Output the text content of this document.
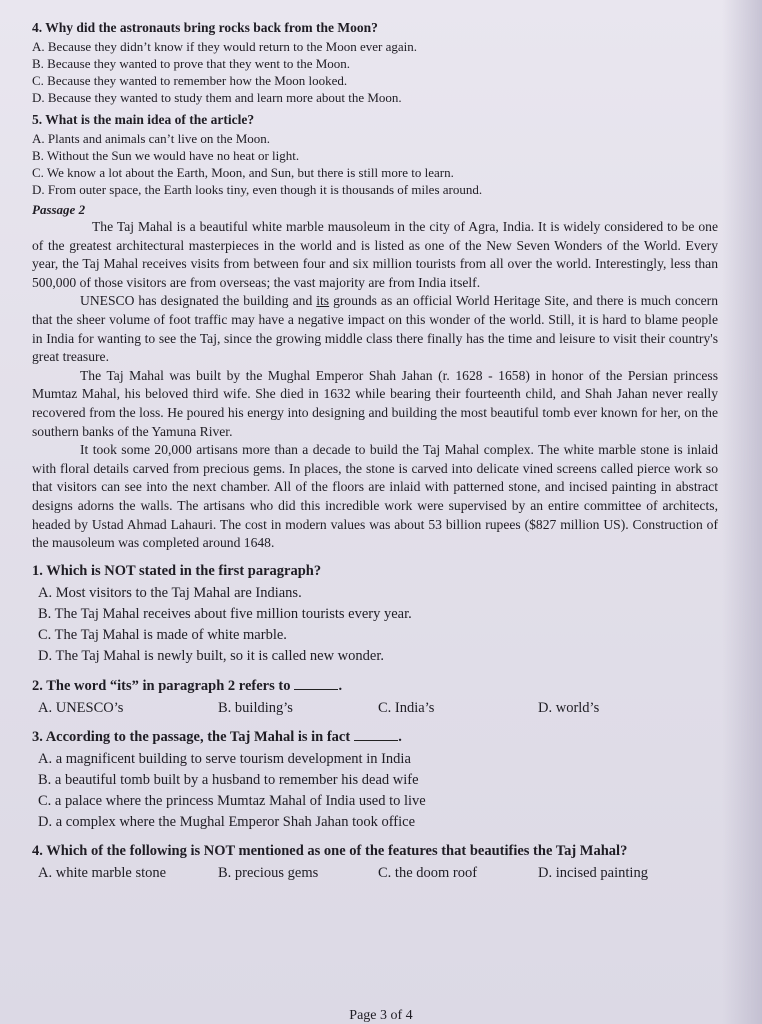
4. Why did the astronauts bring rocks back from the Moon?

A. Because they didn’t know if they would return to the Moon ever again.

B. Because they wanted to prove that they went to the Moon.

C. Because they wanted to remember how the Moon looked.

D. Because they wanted to study them and learn more about the Moon.

5. What is the main idea of the article?

A. Plants and animals can’t live on the Moon.

B. Without the Sun we would have no heat or light.

C. We know a lot about the Earth, Moon, and Sun, but there is still more to learn.

D. From outer space, the Earth looks tiny, even though it is thousands of miles around.

Passage 2

The Taj Mahal is a beautiful white marble mausoleum in the city of Agra, India. It is widely considered to be one of the greatest architectural masterpieces in the world and is listed as one of the New Seven Wonders of the World. Every year, the Taj Mahal receives visits from between four and six million tourists from all over the world. Interestingly, less than 500,000 of those visitors are from overseas; the vast majority are from India itself.

UNESCO has designated the building and its grounds as an official World Heritage Site, and there is much concern that the sheer volume of foot traffic may have a negative impact on this wonder of the world. Still, it is hard to blame people in India for wanting to see the Taj, since the growing middle class there finally has the time and leisure to visit their country's great treasure.

The Taj Mahal was built by the Mughal Emperor Shah Jahan (r. 1628 - 1658) in honor of the Persian princess Mumtaz Mahal, his beloved third wife. She died in 1632 while bearing their fourteenth child, and Shah Jahan never really recovered from the loss. He poured his energy into designing and building the most beautiful tomb ever known for her, on the southern banks of the Yamuna River.

It took some 20,000 artisans more than a decade to build the Taj Mahal complex. The white marble stone is inlaid with floral details carved from precious gems. In places, the stone is carved into delicate vined screens called pierce work so that visitors can see into the next chamber. All of the floors are inlaid with patterned stone, and incised painting in abstract designs adorns the walls. The artisans who did this incredible work were supervised by an entire committee of architects, headed by Ustad Ahmad Lahauri. The cost in modern values was about 53 billion rupees ($827 million US). Construction of the mausoleum was completed around 1648.

1. Which is NOT stated in the first paragraph?

A. Most visitors to the Taj Mahal are Indians.

B. The Taj Mahal receives about five million tourists every year.

C. The Taj Mahal is made of white marble.

D. The Taj Mahal is newly built, so it is called new wonder.

2. The word “its” in paragraph 2 refers to	.

A. UNESCO’s	B. building’s	C. India’s	D. world’s

3. According to the passage, the Taj Mahal is in fact	.

A. a magnificent building to serve tourism development in India

B. a beautiful tomb built by a husband to remember his dead wife

C. a palace where the princess Mumtaz Mahal of India used to live

D. a complex where the Mughal Emperor Shah Jahan took office

4. Which of the following is NOT mentioned as one of the features that beautifies the Taj Mahal?

A. white marble stone	B. precious gems	C. the doom roof	D. incised painting
Page 3 of 4
